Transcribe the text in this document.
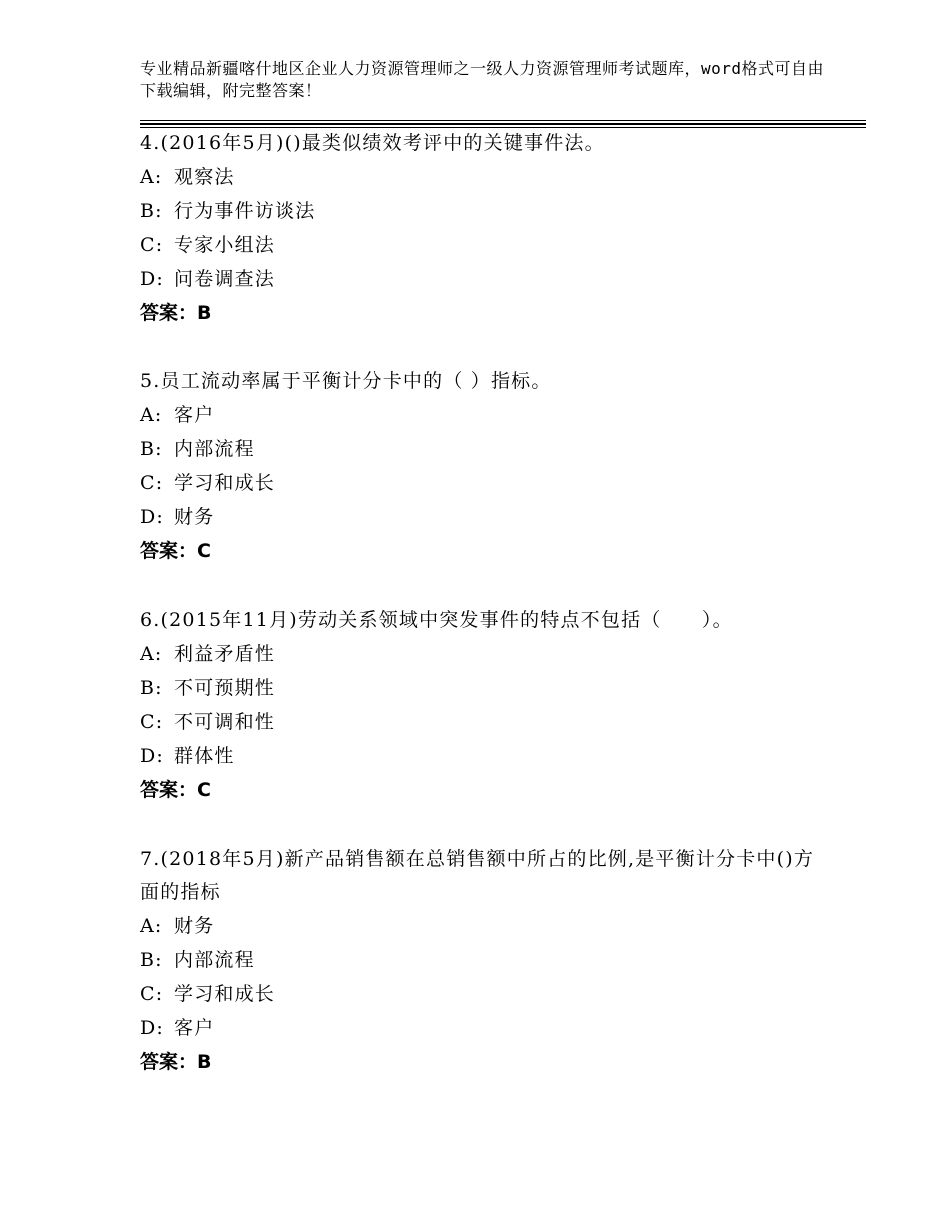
专业精品新疆喀什地区企业人力资源管理师之一级人力资源管理师考试题库，word格式可自由下载编辑，附完整答案！
4.(2016年5月)()最类似绩效考评中的关键事件法。
A: 观察法
B: 行为事件访谈法
C: 专家小组法
D: 问卷调查法
答案：B
5.员工流动率属于平衡计分卡中的（ ）指标。
A: 客户
B: 内部流程
C: 学习和成长
D: 财务
答案：C
6.(2015年11月)劳动关系领域中突发事件的特点不包括（　　）。
A: 利益矛盾性
B: 不可预期性
C: 不可调和性
D: 群体性
答案：C
7.(2018年5月)新产品销售额在总销售额中所占的比例,是平衡计分卡中()方面的指标
A: 财务
B: 内部流程
C: 学习和成长
D: 客户
答案：B
